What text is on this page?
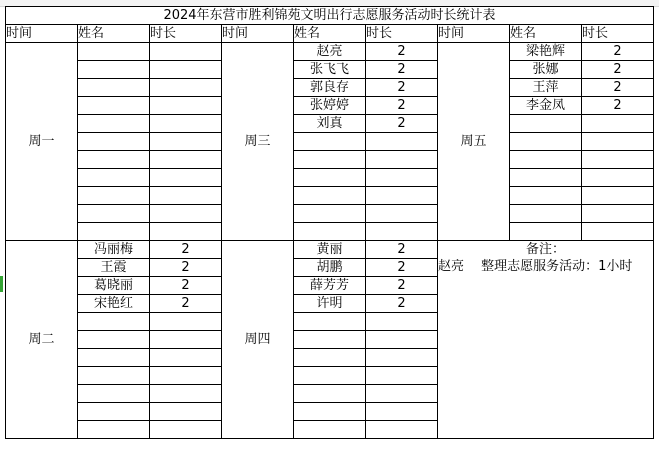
2024年东营市胜利锦苑文明出行志愿服务活动时长统计表								
时间	姓名	时长	时间	姓名	时长	时间	姓名	时长
周一			周三	赵亮	2	周五	梁艳辉	2
				张飞飞	2		张娜	2
				郭良存	2		王萍	2
				张婷婷	2		李金凤	2
				刘真	2			

周二	冯丽梅	2	周四	黄丽	2	备注：
赵亮　 整理志愿服务活动：1小时		

	王霞	2		胡鹏	2			
	葛晓丽	2		薛芳芳	2			
	宋艳红	2		许明	2			
